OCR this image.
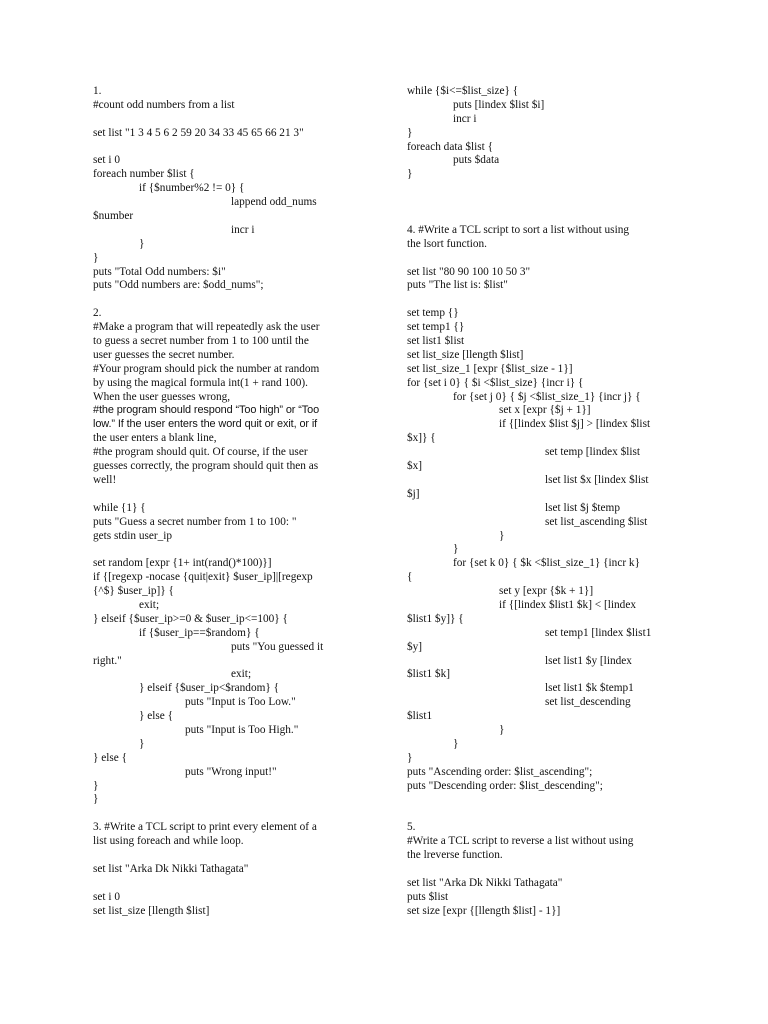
1.
#count odd numbers from a list
set list "1 3 4 5 6 2 59 20 34 33 45 65 66 21 3"
set i 0
foreach number $list {
if {$number%2 != 0} {
lappend odd_nums
$number
incr i
}
}
puts "Total Odd numbers: $i"
puts "Odd numbers are: $odd_nums";
2.
#Make a program that will repeatedly ask the user
to guess a secret number from 1 to 100 until the
user guesses the secret number.
#Your program should pick the number at random
by using the magical formula int(1 + rand 100).
When the user guesses wrong,
#the program should respond “Too high” or “Too
low.” If the user enters the word quit or exit, or if
the user enters a blank line,
#the program should quit. Of course, if the user
guesses correctly, the program should quit then as
well!
while {1} {
puts "Guess a secret number from 1 to 100: "
gets stdin user_ip
set random [expr {1+ int(rand()*100)}]
if {[regexp -nocase {quit|exit} $user_ip]|[regexp
{^$} $user_ip]} {
exit;
} elseif {$user_ip>=0 & $user_ip<=100} {
if {$user_ip==$random} {
puts "You guessed it
right."
exit;
} elseif {$user_ip<$random} {
puts "Input is Too Low."
} else {
puts "Input is Too High."
}
} else {
puts "Wrong input!"
}
}
3. #Write a TCL script to print every element of a
list using foreach and while loop.
set list "Arka Dk Nikki Tathagata"
set i 0
set list_size [llength $list]
while {$i<=$list_size} {
puts [lindex $list $i]
incr i
}
foreach data $list {
puts $data
}
4. #Write a TCL script to sort a list without using
the lsort function.
set list "80 90 100 10 50 3"
puts "The list is: $list"
set temp {}
set temp1 {}
set list1 $list
set list_size [llength $list]
set list_size_1 [expr {$list_size - 1}]
for {set i 0} { $i <$list_size} {incr i} {
for {set j 0} { $j <$list_size_1} {incr j} {
set x [expr {$j + 1}]
if {[lindex $list $j] > [lindex $list
$x]} {
set temp [lindex $list
$x]
lset list $x [lindex $list
$j]
lset list $j $temp
set list_ascending $list
}
}
for {set k 0} { $k <$list_size_1} {incr k}
{
set y [expr {$k + 1}]
if {[lindex $list1 $k] < [lindex
$list1 $y]} {
set temp1 [lindex $list1
$y]
lset list1 $y [lindex
$list1 $k]
lset list1 $k $temp1
set list_descending
$list1
}
}
}
puts "Ascending order: $list_ascending";
puts "Descending order: $list_descending";
5.
#Write a TCL script to reverse a list without using
the lreverse function.
set list "Arka Dk Nikki Tathagata"
puts $list
set size [expr {[llength $list] - 1}]
